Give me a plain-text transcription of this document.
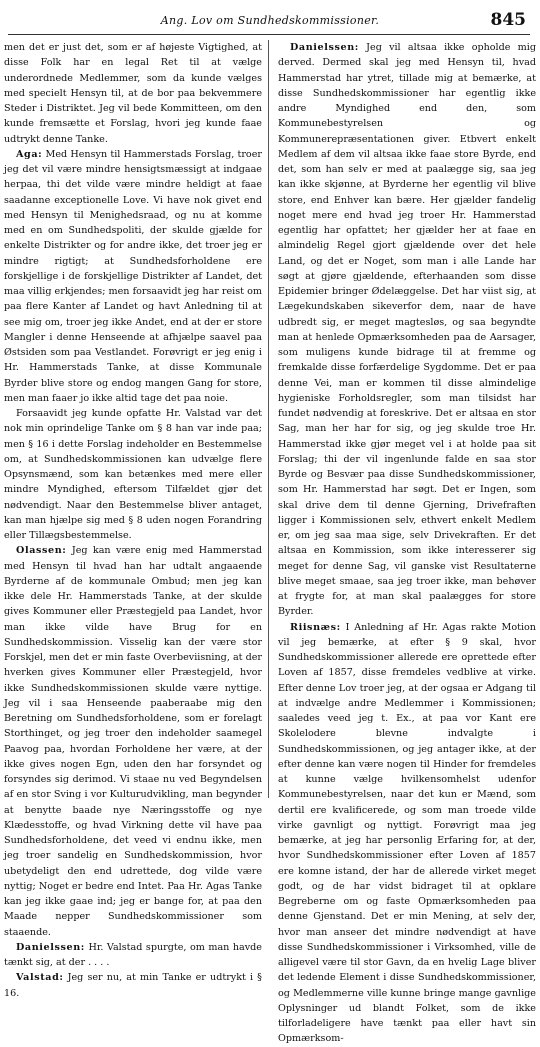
Ang. Lov om Sundhedskommissioner.	845

men det er just det, som er af højeste Vigtighed, at disse Folk har en legal Ret til at vælge underordnede Medlemmer, som da kunde vælges med specielt Hensyn til, at de bor paa bekvemmere Steder i Distriktet. Jeg vil bede Kommitteen, om den kunde fremsætte et Forslag, hvori jeg kunde faae udtrykt denne Tanke.

Aga: Med Hensyn til Hammerstads Forslag, troer jeg det vil være mindre hensigtsmæssigt at indgaae herpaa, thi det vilde være mindre heldigt at faae saadanne exceptionelle Love. Vi have nok givet end med Hensyn til Menighedsraad, og nu at komme med en om Sundhedspoliti, der skulde gjælde for enkelte Distrikter og for andre ikke, det troer jeg er mindre rigtigt; at Sundhedsforholdene ere forskjellige i de forskjellige Distrikter af Landet, det maa villig erkjendes; men forsaavidt jeg har reist om paa flere Kanter af Landet og havt Anledning til at see mig om, troer jeg ikke Andet, end at der er store Mangler i denne Henseende at afhjælpe saavel paa Østsiden som paa Vestlandet. Forøvrigt er jeg enig i Hr. Hammerstads Tanke, at disse Kommunale Byrder blive store og endog mangen Gang for store, men man faaer jo ikke altid tage det paa noie.

Forsaavidt jeg kunde opfatte Hr. Valstad var det nok min oprindelige Tanke om § 8 han var inde paa; men § 16 i dette Forslag indeholder en Bestemmelse om, at Sundhedskommissionen kan udvælge flere Opsynsmænd, som kan betænkes med mere eller mindre Myndighed, eftersom Tilfældet gjør det nødvendigt. Naar den Bestemmelse bliver antaget, kan man hjælpe sig med § 8 uden nogen Forandring eller Tillægsbestemmelse.

Olassen: Jeg kan være enig med Hammerstad med Hensyn til hvad han har udtalt angaaende Byrderne af de kommunale Ombud; men jeg kan ikke dele Hr. Hammerstads Tanke, at der skulde gives Kommuner eller Præstegjeld paa Landet, hvor man ikke vilde have Brug for en Sundhedskommission. Visselig kan der være stor Forskjel, men det er min faste Overbeviisning, at der hverken gives Kommuner eller Præstegjeld, hvor ikke Sundhedskommissionen skulde være nyttige. Jeg vil i saa Henseende paaberaabe mig den Beretning om Sundhedsforholdene, som er forelagt Storthinget, og jeg troer den indeholder saamegel Paavog paa, hvordan Forholdene her være, at der ikke gives nogen Egn, uden den har forsyndet og forsyndes sig derimod. Vi staae nu ved Begyndelsen af en stor Sving i vor Kulturudvikling, man begynder at benytte baade nye Næringsstoffe og nye Klædesstoffe, og hvad Virkning dette vil have paa Sundhedsforholdene, det veed vi endnu ikke, men jeg troer sandelig en Sundhedskommission, hvor ubetydeligt den end udrettede, dog vilde være nyttig; Noget er bedre end Intet. Paa Hr. Agas Tanke kan jeg ikke gaae ind; jeg er bange for, at paa den Maade nepper Sundhedskommissioner som staaende.

Danielssen: Hr. Valstad spurgte, om man havde tænkt sig, at der . . . .

Valstad: Jeg ser nu, at min Tanke er udtrykt i § 16.

Danielssen: Jeg vil altsaa ikke opholde mig derved. Dermed skal jeg med Hensyn til, hvad Hammerstad har ytret, tillade mig at bemærke, at disse Sundhedskommissioner har egentlig ikke andre Myndighed end den, som Kommunebestyrelsen og Kommunerepræsentationen giver. Etbvert enkelt Medlem af dem vil altsaa ikke faae store Byrde, end det, som han selv er med at paalægge sig, saa jeg kan ikke skjønne, at Byrderne her egentlig vil blive store, end Enhver kan bære. Her gjælder fandelig noget mere end hvad jeg troer Hr. Hammerstad egentlig har opfattet; her gjælder her at faae en almindelig Regel gjort gjældende over det hele Land, og det er Noget, som man i alle Lande har søgt at gjøre gjældende, efterhaanden som disse Epidemier bringer Ødelæggelse. Det har viist sig, at Lægekundskaben sikeverfor dem, naar de have udbredt sig, er meget magtesløs, og saa begyndte man at henlede Opmærksomheden paa de Aarsager, som muligens kunde bidrage til at fremme og fremkalde disse forfærdelige Sygdomme. Det er paa denne Vei, man er kommen til disse almindelige hygieniske Forholdsregler, som man tilsidst har fundet nødvendig at foreskrive. Det er altsaa en stor Sag, man her har for sig, og jeg skulde troe Hr. Hammerstad ikke gjør meget vel i at holde paa sit Forslag; thi der vil ingenlunde falde en saa stor Byrde og Besvær paa disse Sundhedskommissioner, som Hr. Hammerstad har søgt. Det er Ingen, som skal drive dem til denne Gjerning, Drivefraften ligger i Kommissionen selv, ethvert enkelt Medlem er, om jeg saa maa sige, selv Drivekraften. Er det altsaa en Kommission, som ikke interesserer sig meget for denne Sag, vil ganske vist Resultaterne blive meget smaae, saa jeg troer ikke, man behøver at frygte for, at man skal paalægges for store Byrder.

Riisnæs: I Anledning af Hr. Agas rakte Motion vil jeg bemærke, at efter § 9 skal, hvor Sundhedskommissioner allerede ere oprettede efter Loven af 1857, disse fremdeles vedblive at virke. Efter denne Lov troer jeg, at der ogsaa er Adgang til at indvælge andre Medlemmer i Kommissionen; saaledes veed jeg t. Ex., at paa vor Kant ere Skolelodere blevne indvalgte i Sundhedskommissionen, og jeg antager ikke, at der efter denne kan være nogen til Hinder for fremdeles at kunne vælge hvilkensomhelst udenfor Kommunebestyrelsen, naar det kun er Mænd, som dertil ere kvalificerede, og som man troede vilde virke gavnligt og nyttigt. Forøvrigt maa jeg bemærke, at jeg har personlig Erfaring for, at der, hvor Sundhedskommissioner efter Loven af 1857 ere komne istand, der har de allerede virket meget godt, og de har vidst bidraget til at opklare Begreberne om og faste Opmærksomheden paa denne Gjenstand. Det er min Mening, at selv der, hvor man anseer det mindre nødvendigt at have disse Sundhedskommissioner i Virksomhed, ville de alligevel være til stor Gavn, da en hvelig Lage bliver det ledende Element i disse Sundhedskommissioner, og Medlemmerne ville kunne bringe mange gavnlige Oplysninger ud blandt Folket, som de ikke tilforladeligere have tænkt paa eller havt sin Opmærksom-
